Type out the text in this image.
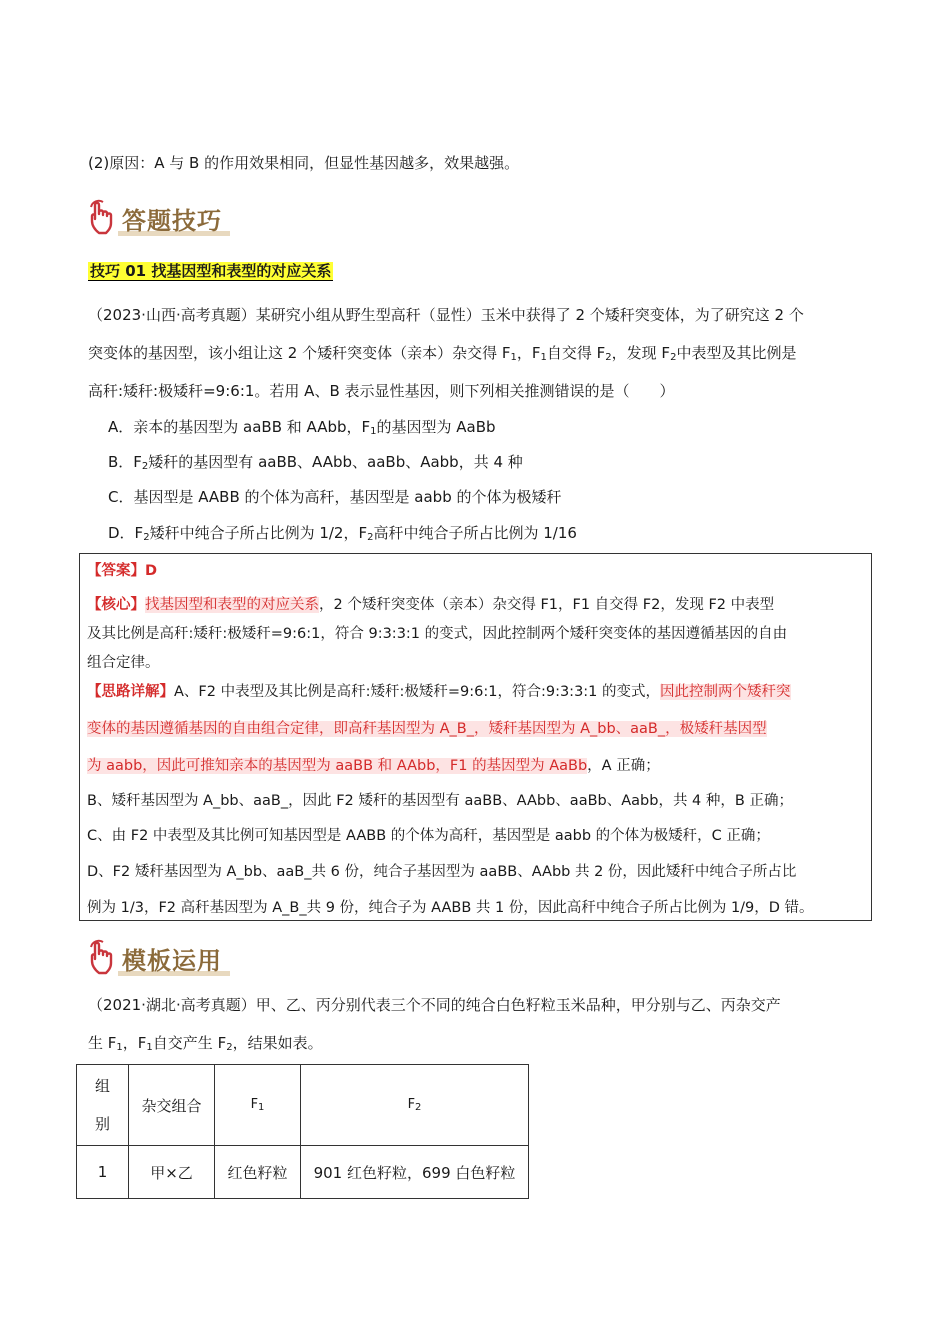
(2)原因：A 与 B 的作用效果相同，但显性基因越多，效果越强。
答题技巧
技巧 01 找基因型和表型的对应关系
（2023·山西·高考真题）某研究小组从野生型高秆（显性）玉米中获得了 2 个矮秆突变体，为了研究这 2 个
突变体的基因型，该小组让这 2 个矮秆突变体（亲本）杂交得 $F_1$，$F_1$自交得 $F_2$，发现 $F_2$中表型及其比例是
高秆:矮秆:极矮秆=9:6:1。若用 A、B 表示显性基因，则下列相关推测错误的是（　　）
A．亲本的基因型为 aaBB 和 AAbb，$F_1$的基因型为 AaBb
B．$F_2$矮秆的基因型有 aaBB、AAbb、aaBb、Aabb，共 4 种
C．基因型是 AABB 的个体为高秆，基因型是 aabb 的个体为极矮秆
D．$F_2$矮秆中纯合子所占比例为 1/2，$F_2$高秆中纯合子所占比例为 1/16
【答案】D
【核心】找基因型和表型的对应关系，2 个矮秆突变体（亲本）杂交得 F1，F1 自交得 F2，发现 F2 中表型
及其比例是高秆:矮秆:极矮秆=9:6:1，符合 9:3:3:1 的变式，因此控制两个矮秆突变体的基因遵循基因的自由
组合定律。
【思路详解】A、F2 中表型及其比例是高秆:矮秆:极矮秆=9:6:1，符合:9:3:3:1 的变式，因此控制两个矮秆突
变体的基因遵循基因的自由组合定律，即高秆基因型为 A_B_，矮秆基因型为 A_bb、aaB_，极矮秆基因型
为 aabb，因此可推知亲本的基因型为 aaBB 和 AAbb，F1 的基因型为 AaBb，A 正确；
B、矮秆基因型为 A_bb、aaB_，因此 F2 矮秆的基因型有 aaBB、AAbb、aaBb、Aabb，共 4 种，B 正确；
C、由 F2 中表型及其比例可知基因型是 AABB 的个体为高秆，基因型是 aabb 的个体为极矮秆，C 正确；
D、F2 矮秆基因型为 A_bb、aaB_共 6 份，纯合子基因型为 aaBB、AAbb 共 2 份，因此矮秆中纯合子所占比
例为 1/3，F2 高秆基因型为 A_B_共 9 份，纯合子为 AABB 共 1 份，因此高秆中纯合子所占比例为 1/9，D 错。
模板运用
（2021·湖北·高考真题）甲、乙、丙分别代表三个不同的纯合白色籽粒玉米品种，甲分别与乙、丙杂交产
生 $F_1$，$F_1$自交产生 $F_2$，结果如表。
组别	杂交组合	$F_1$	$F_2$
1	甲×乙	红色籽粒	901 红色籽粒，699 白色籽粒
